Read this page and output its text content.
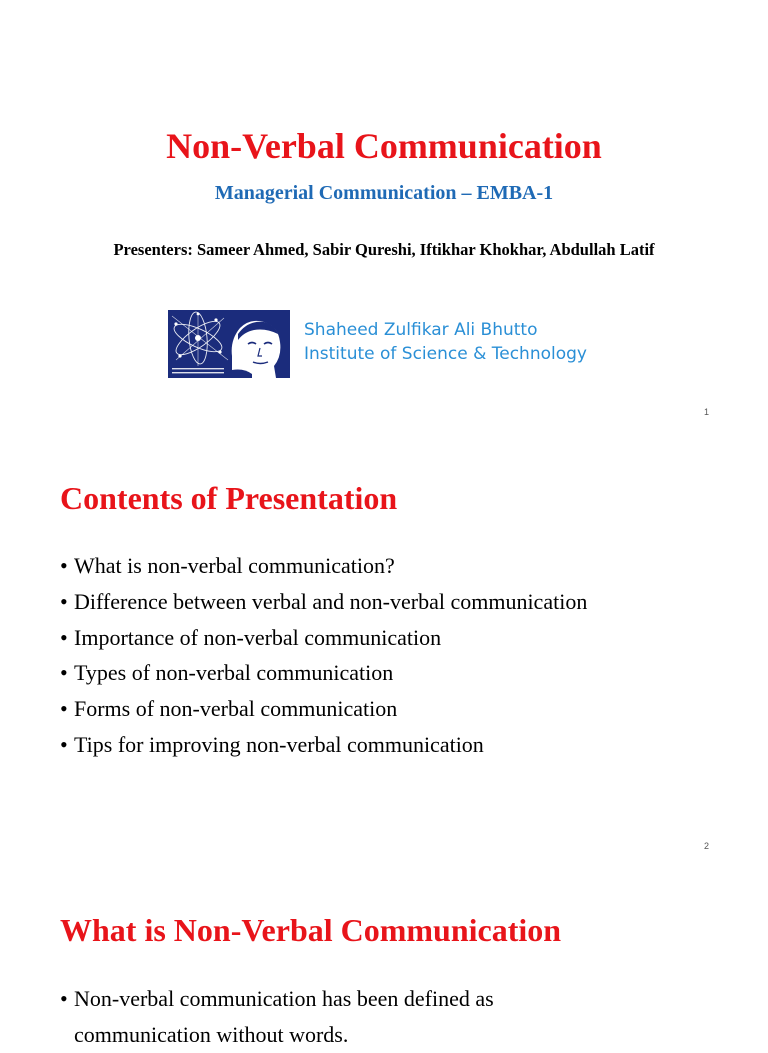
Non-Verbal Communication
Managerial Communication – EMBA-1
Presenters: Sameer Ahmed, Sabir Qureshi, Iftikhar Khokhar, Abdullah Latif
Shaheed Zulfikar Ali Bhutto
Institute of Science & Technology
1
Contents of Presentation
• What is non-verbal communication?
• Difference between verbal and non-verbal communication
• Importance of non-verbal communication
• Types of non-verbal communication
• Forms of non-verbal communication
• Tips for improving non-verbal communication
2
What is Non-Verbal Communication
• Non-verbal communication has been defined as
communication without words.
